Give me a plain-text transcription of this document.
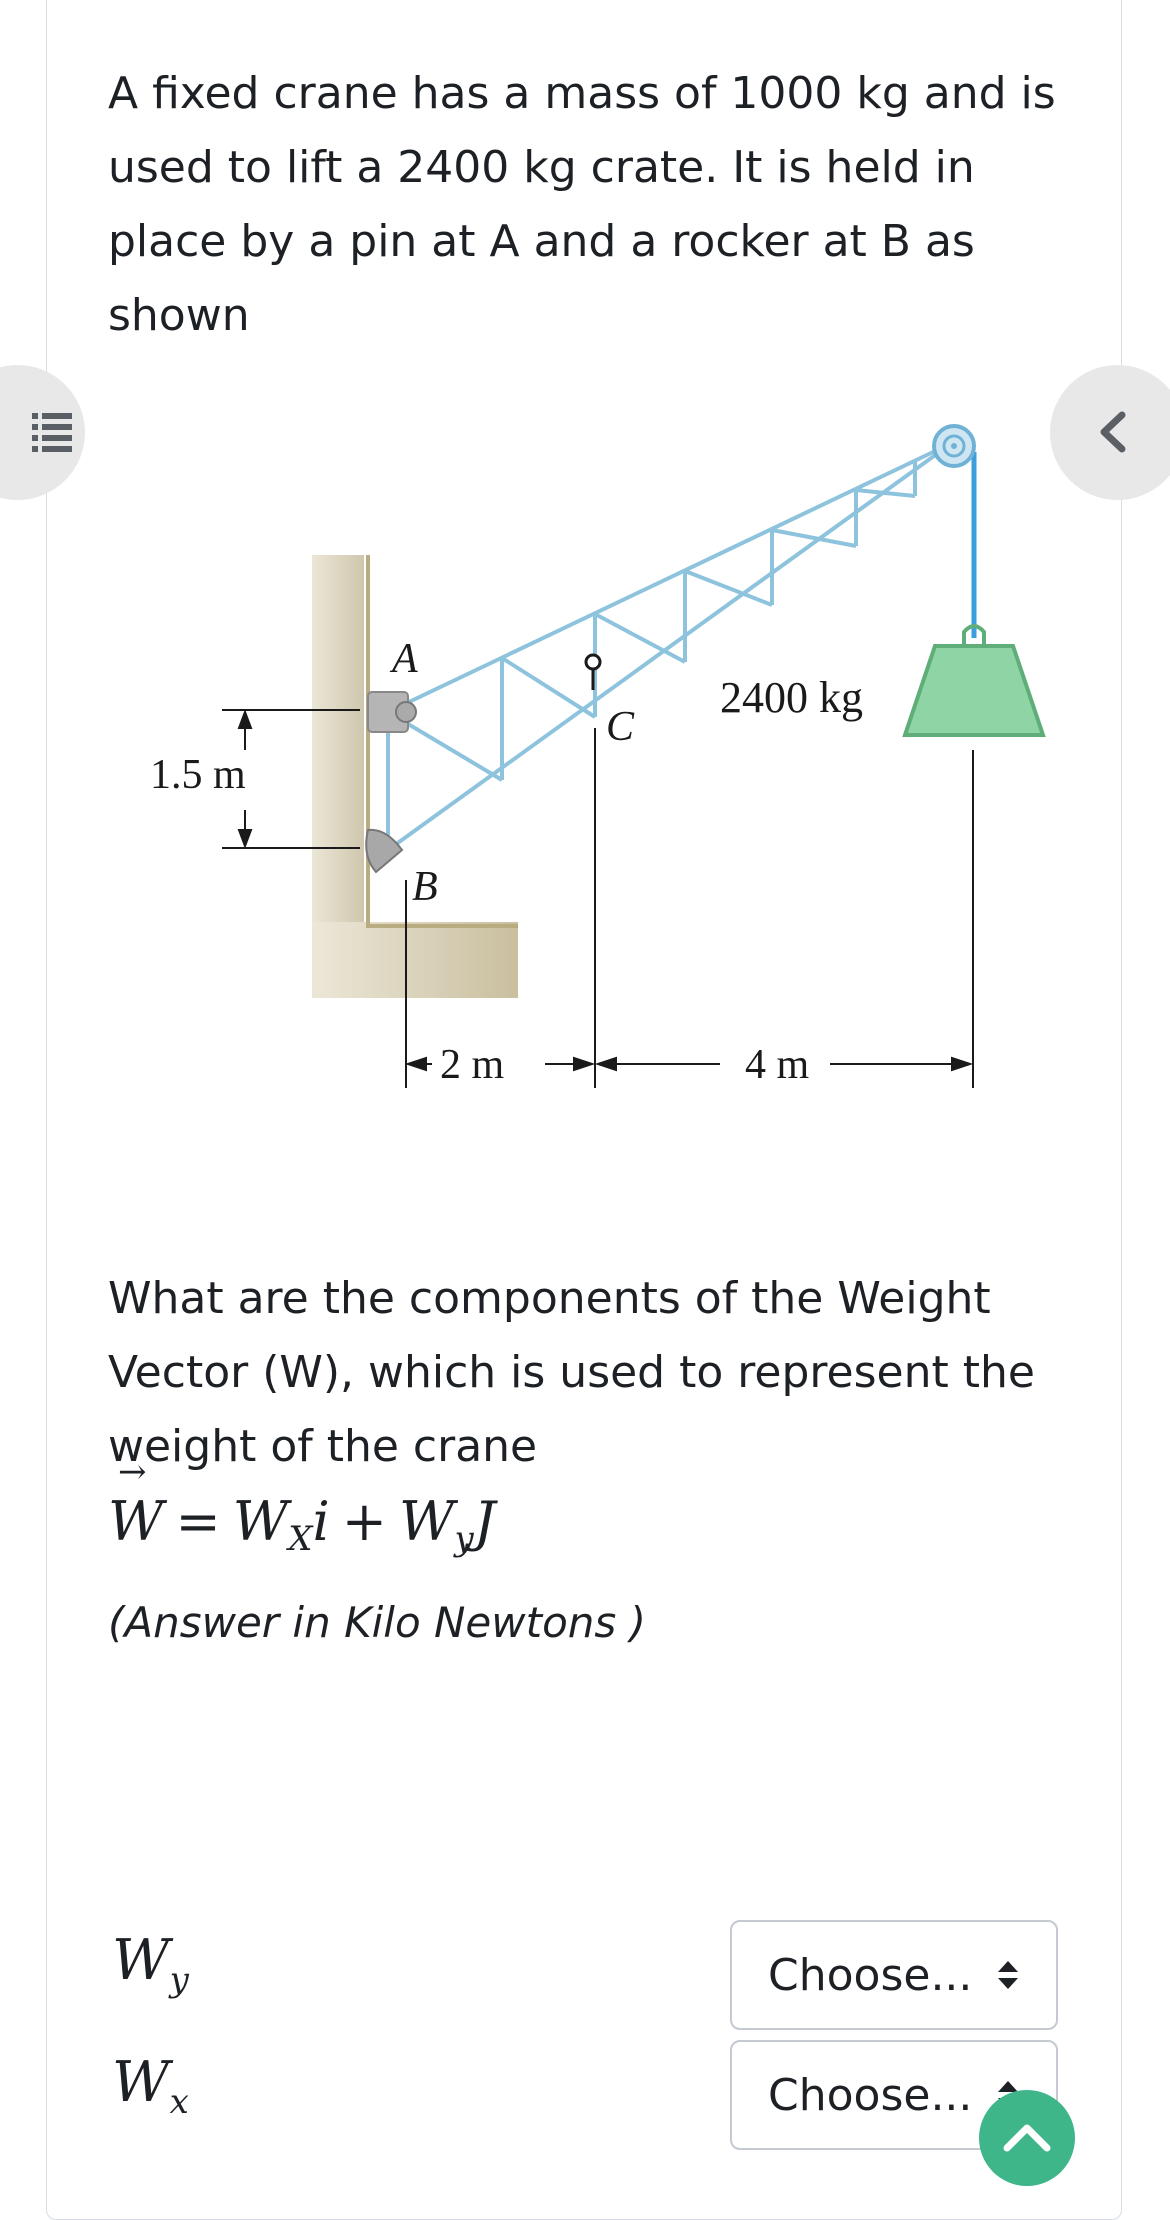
A fixed crane has a mass of 1000 kg and is used to lift a 2400 kg crate. It is held in place by a pin at A and a rocker at B as shown

1.5 m
2400 kg
A
B
C
2 m	4 m

What are the components of the Weight Vector (W), which is used to represent the weight of the crane

→ $W = W_Xi + W_yJ$
(Answer in Kilo Newtons )
$W_y$
$W_x$
Choose...
Choose...
